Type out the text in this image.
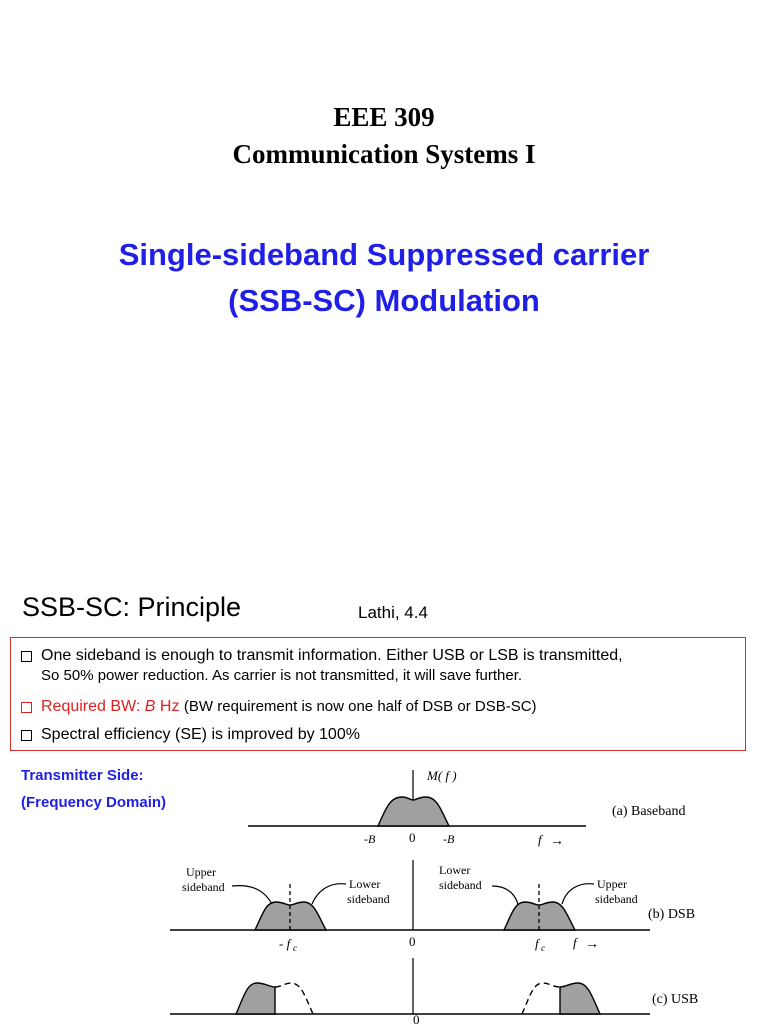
EEE 309
Communication Systems I
Single-sideband Suppressed carrier
(SSB-SC) Modulation
SSB-SC: Principle	Lathi, 4.4
One sideband is enough to transmit information. Either USB or LSB is transmitted,
So 50% power reduction. As carrier is not transmitted, it will save further.
Required BW: B Hz (BW requirement is now one half of DSB or DSB-SC)
Spectral efficiency (SE) is improved by 100%
Transmitter Side:
(Frequency Domain)
M( f )
(a) Baseband
-B	0 -B	f →
Upper
sideband	Lower
sideband
Lower
sideband	Upper
sideband
(b) DSB
- f c	0	f c f →
(c) USB
0
